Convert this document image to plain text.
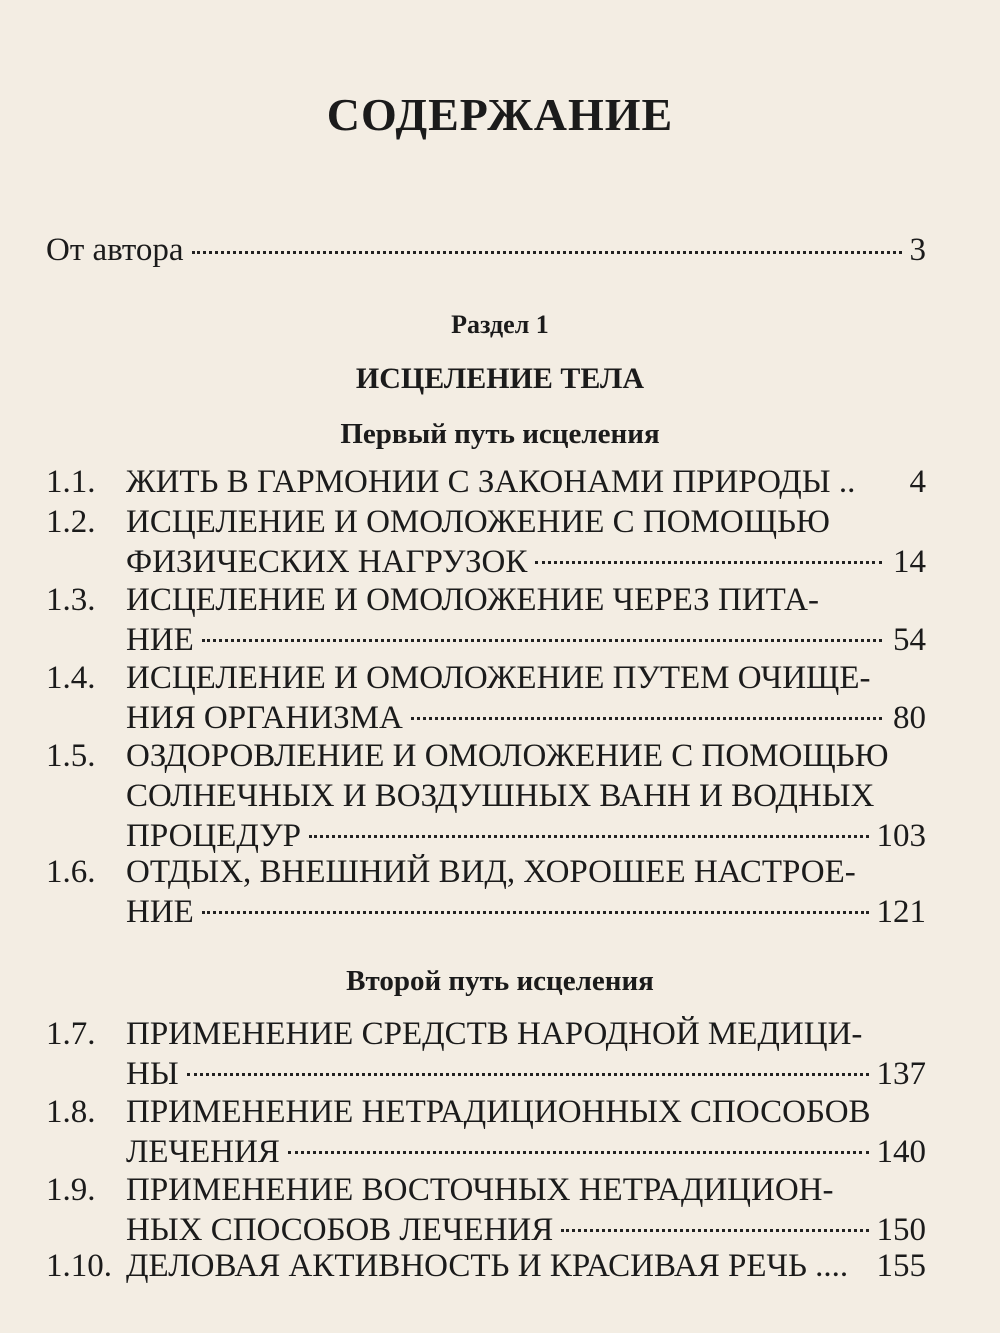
СОДЕРЖАНИЕ
От автора	3
Раздел 1
ИСЦЕЛЕНИЕ ТЕЛА
Первый путь исцеления
Второй путь исцеления
1.1. ЖИТЬ В ГАРМОНИИ С ЗАКОНАМИ ПРИРОДЫ ..	4
1.2. ИСЦЕЛЕНИЕ И ОМОЛОЖЕНИЕ С ПОМОЩЬЮ
ФИЗИЧЕСКИХ НАГРУЗОК	14
1.3. ИСЦЕЛЕНИЕ И ОМОЛОЖЕНИЕ ЧЕРЕЗ ПИТА-
НИЕ	54
1.4. ИСЦЕЛЕНИЕ И ОМОЛОЖЕНИЕ ПУТЕМ ОЧИЩЕ-
НИЯ ОРГАНИЗМА	80
1.5. ОЗДОРОВЛЕНИЕ И ОМОЛОЖЕНИЕ С ПОМОЩЬЮ
СОЛНЕЧНЫХ И ВОЗДУШНЫХ ВАНН И ВОДНЫХ
ПРОЦЕДУР	103
1.6. ОТДЫХ, ВНЕШНИЙ ВИД, ХОРОШЕЕ НАСТРОЕ-
НИЕ	121
1.7. ПРИМЕНЕНИЕ СРЕДСТВ НАРОДНОЙ МЕДИЦИ-
НЫ	137
1.8. ПРИМЕНЕНИЕ НЕТРАДИЦИОННЫХ СПОСОБОВ
ЛЕЧЕНИЯ	140
1.9. ПРИМЕНЕНИЕ ВОСТОЧНЫХ НЕТРАДИЦИОН-
НЫХ СПОСОБОВ ЛЕЧЕНИЯ	150
1.10. ДЕЛОВАЯ АКТИВНОСТЬ И КРАСИВАЯ РЕЧЬ .... 155
